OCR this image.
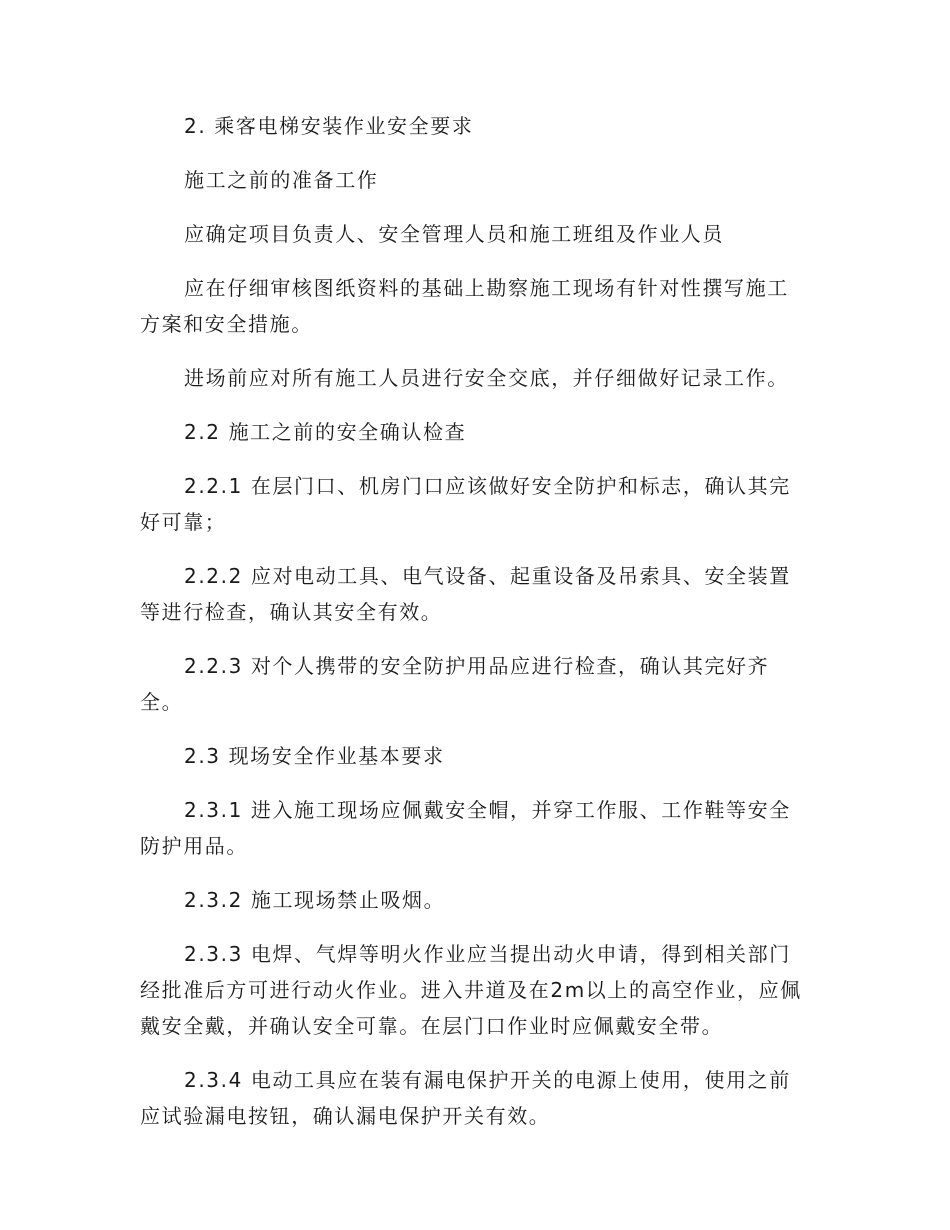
2. 乘客电梯安装作业安全要求

施工之前的准备工作

应确定项目负责人、安全管理人员和施工班组及作业人员

应在仔细审核图纸资料的基础上勘察施工现场有针对性撰写施工方案和安全措施。

进场前应对所有施工人员进行安全交底，并仔细做好记录工作。

2.2 施工之前的安全确认检查

2.2.1 在层门口、机房门口应该做好安全防护和标志，确认其完好可靠；

2.2.2 应对电动工具、电气设备、起重设备及吊索具、安全装置等进行检查，确认其安全有效。

2.2.3 对个人携带的安全防护用品应进行检查，确认其完好齐全。

2.3 现场安全作业基本要求

2.3.1 进入施工现场应佩戴安全帽，并穿工作服、工作鞋等安全防护用品。

2.3.2 施工现场禁止吸烟。

2.3.3 电焊、气焊等明火作业应当提出动火申请，得到相关部门经批准后方可进行动火作业。进入井道及在2m以上的高空作业，应佩戴安全戴，并确认安全可靠。在层门口作业时应佩戴安全带。

2.3.4 电动工具应在装有漏电保护开关的电源上使用，使用之前应试验漏电按钮，确认漏电保护开关有效。
